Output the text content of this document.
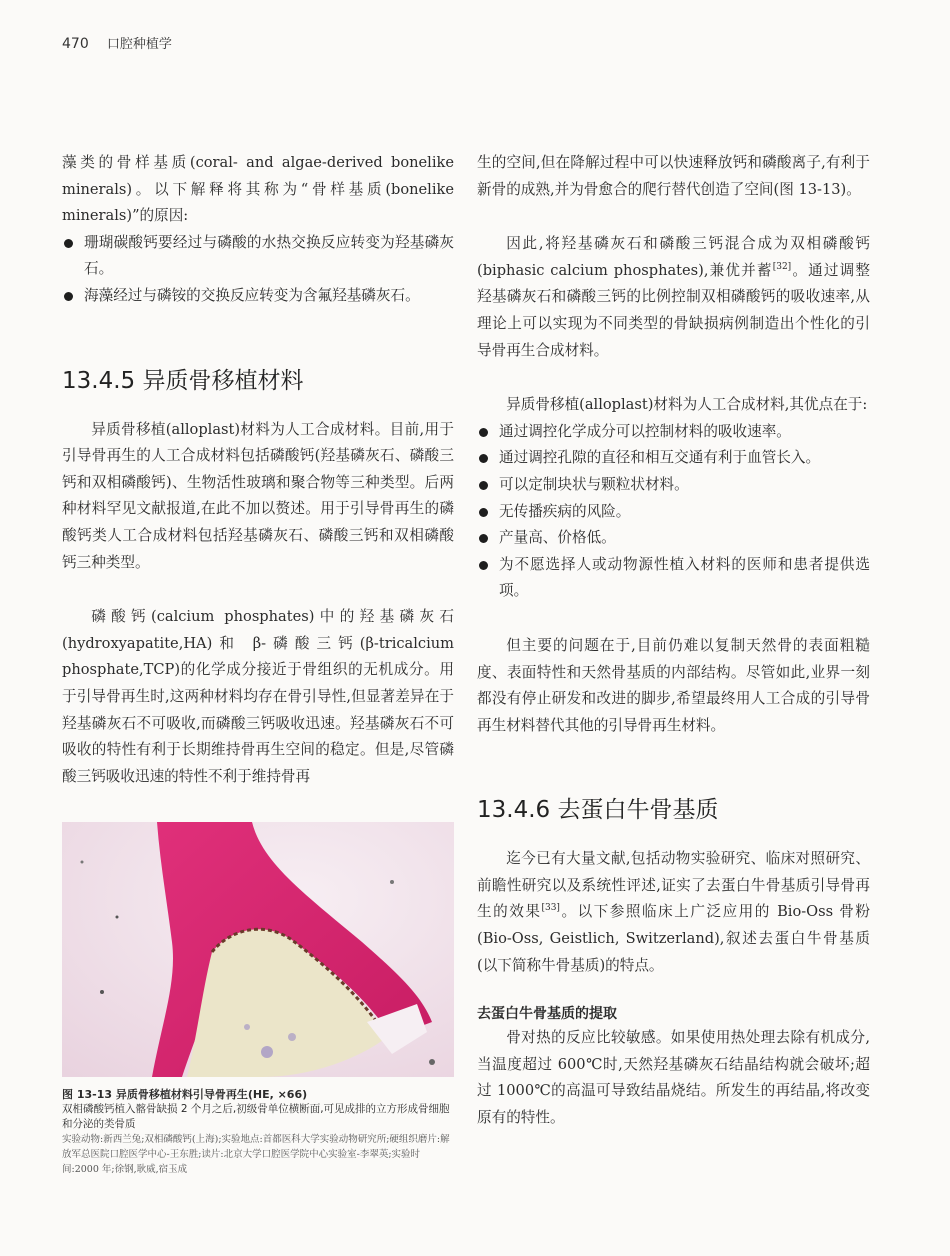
470 口腔种植学

藻类的骨样基质(coral- and algae-derived bonelike minerals)。以下解释将其称为“骨样基质(bonelike minerals)”的原因:

珊瑚碳酸钙要经过与磷酸的水热交换反应转变为羟基磷灰石。
海藻经过与磷铵的交换反应转变为含氟羟基磷灰石。
13.4.5 异质骨移植材料

异质骨移植(alloplast)材料为人工合成材料。目前,用于引导骨再生的人工合成材料包括磷酸钙(羟基磷灰石、磷酸三钙和双相磷酸钙)、生物活性玻璃和聚合物等三种类型。后两种材料罕见文献报道,在此不加以赘述。用于引导骨再生的磷酸钙类人工合成材料包括羟基磷灰石、磷酸三钙和双相磷酸钙三种类型。

磷酸钙(calcium phosphates)中的羟基磷灰石(hydroxyapatite,HA)和 β-磷酸三钙(β-tricalcium phosphate,TCP)的化学成分接近于骨组织的无机成分。用于引导骨再生时,这两种材料均存在骨引导性,但显著差异在于羟基磷灰石不可吸收,而磷酸三钙吸收迅速。羟基磷灰石不可吸收的特性有利于长期维持骨再生空间的稳定。但是,尽管磷酸三钙吸收迅速的特性不利于维持骨再

图 13-13 异质骨移植材料引导骨再生(HE, ×66)
双相磷酸钙植入髂骨缺损 2 个月之后,初级骨单位横断面,可见成排的立方形成骨细胞和分泌的类骨质
实验动物:新西兰兔;双相磷酸钙(上海);实验地点:首都医科大学实验动物研究所;硬组织磨片:解放军总医院口腔医学中心-王东胜;读片:北京大学口腔医学院中心实验室-李翠英;实验时间:2000 年;徐钢,耿威,宿玉成

生的空间,但在降解过程中可以快速释放钙和磷酸离子,有利于新骨的成熟,并为骨愈合的爬行替代创造了空间(图 13-13)。

因此,将羟基磷灰石和磷酸三钙混合成为双相磷酸钙(biphasic calcium phosphates),兼优并蓄[32]。通过调整羟基磷灰石和磷酸三钙的比例控制双相磷酸钙的吸收速率,从理论上可以实现为不同类型的骨缺损病例制造出个性化的引导骨再生合成材料。

异质骨移植(alloplast)材料为人工合成材料,其优点在于:

通过调控化学成分可以控制材料的吸收速率。
通过调控孔隙的直径和相互交通有利于血管长入。
可以定制块状与颗粒状材料。
无传播疾病的风险。
产量高、价格低。
为不愿选择人或动物源性植入材料的医师和患者提供选项。

但主要的问题在于,目前仍难以复制天然骨的表面粗糙度、表面特性和天然骨基质的内部结构。尽管如此,业界一刻都没有停止研发和改进的脚步,希望最终用人工合成的引导骨再生材料替代其他的引导骨再生材料。

13.4.6 去蛋白牛骨基质

迄今已有大量文献,包括动物实验研究、临床对照研究、前瞻性研究以及系统性评述,证实了去蛋白牛骨基质引导骨再生的效果[33]。以下参照临床上广泛应用的 Bio-Oss 骨粉(Bio-Oss, Geistlich, Switzerland),叙述去蛋白牛骨基质(以下简称牛骨基质)的特点。

去蛋白牛骨基质的提取

骨对热的反应比较敏感。如果使用热处理去除有机成分,当温度超过 600℃时,天然羟基磷灰石结晶结构就会破坏;超过 1000℃的高温可导致结晶烧结。所发生的再结晶,将改变原有的特性。
